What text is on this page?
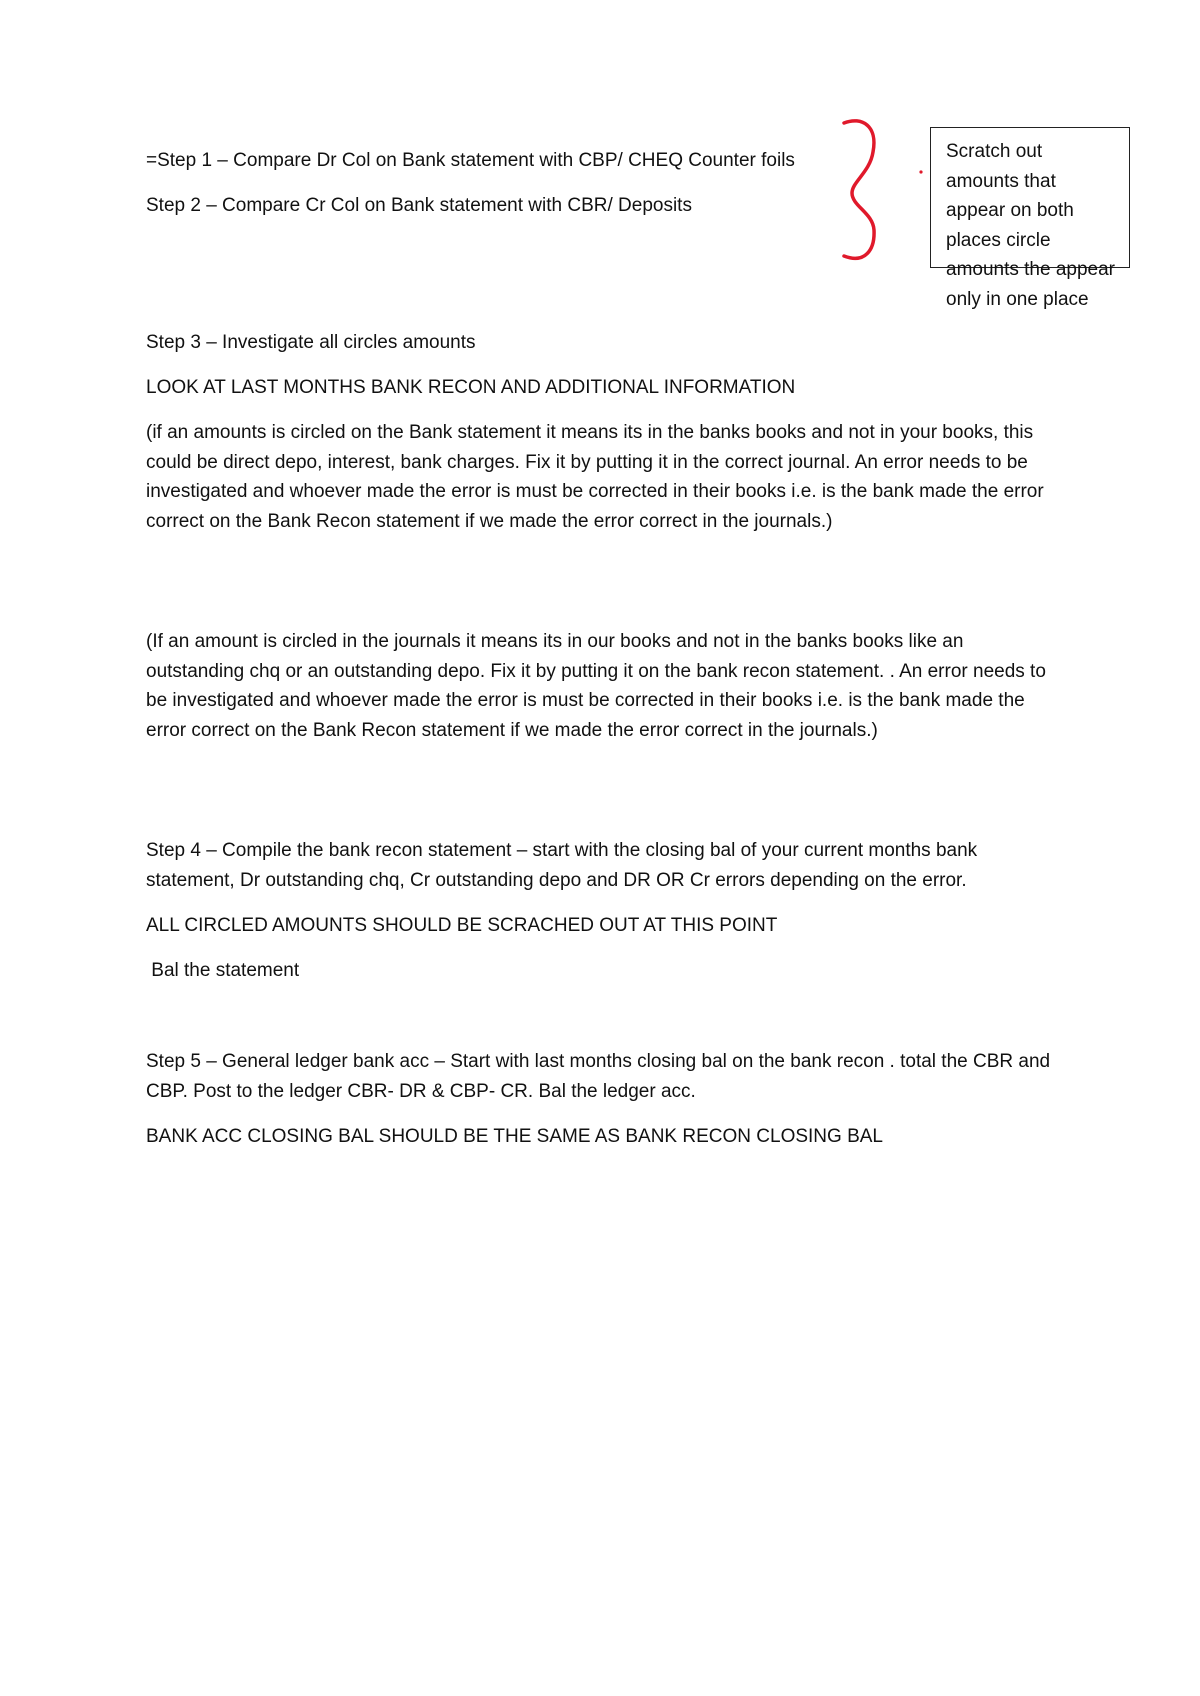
=Step 1 – Compare Dr Col on Bank statement with CBP/ CHEQ Counter foils

Step 2 – Compare Cr Col on Bank statement with CBR/ Deposits

Scratch out amounts that appear on both places circle amounts the appear only in one place

Step 3 – Investigate all circles amounts

LOOK AT LAST MONTHS BANK RECON AND ADDITIONAL INFORMATION

(if an amounts is circled on the Bank statement it means its in the banks books and not in your books, this could be direct depo, interest, bank charges. Fix it by putting it in the correct journal. An error needs to be investigated and whoever made the error is must be corrected in their books i.e. is the bank made the error correct on the Bank Recon statement if we made the error correct in the journals.)

(If an amount is circled in the journals it means its in our books and not in the banks books like an outstanding chq or an outstanding depo. Fix it by putting it on the bank recon statement. . An error needs to be investigated and whoever made the error is must be corrected in their books i.e. is the bank made the error correct on the Bank Recon statement if we made the error correct in the journals.)

Step 4 – Compile the bank recon statement – start with the closing bal of your current months bank statement, Dr outstanding chq, Cr outstanding depo and DR OR Cr errors depending on the error.

ALL CIRCLED AMOUNTS SHOULD BE SCRACHED OUT AT THIS POINT

Bal the statement

Step 5 – General ledger bank acc – Start with last months closing bal on the bank recon . total the CBR and CBP. Post to the ledger CBR- DR & CBP- CR. Bal the ledger acc.

BANK ACC CLOSING BAL SHOULD BE THE SAME AS BANK RECON CLOSING BAL
